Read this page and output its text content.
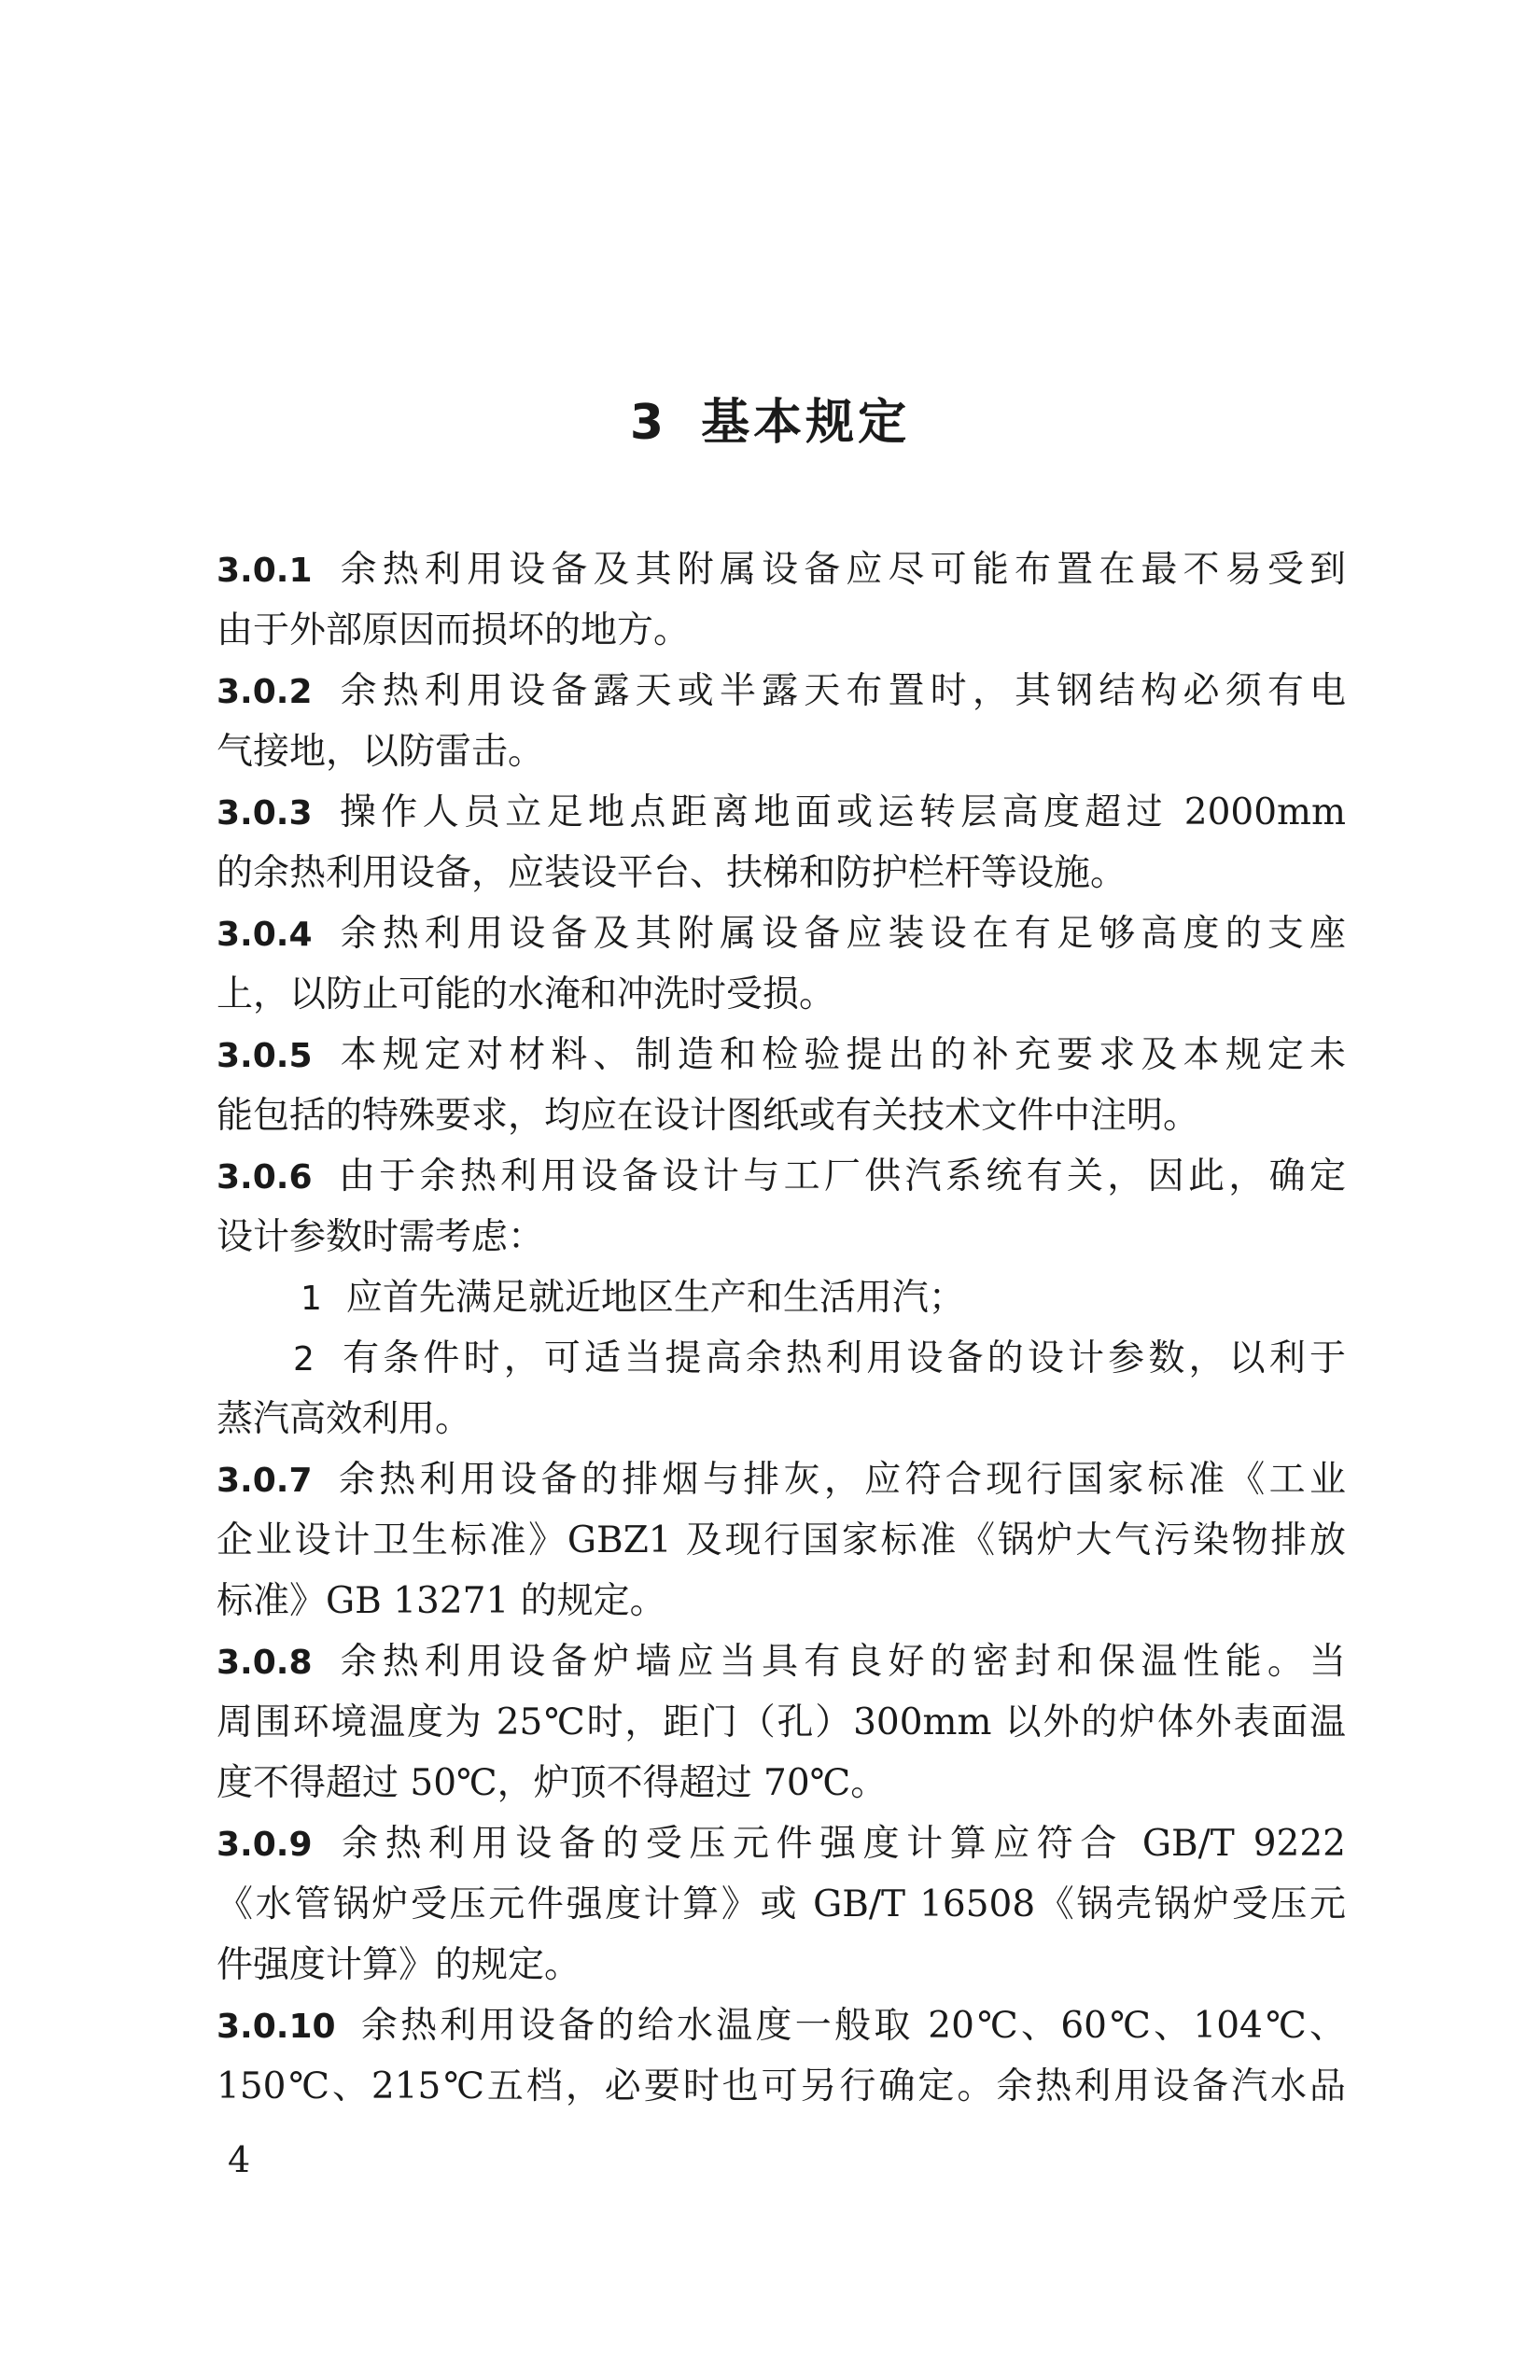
3 基本规定
3.0.1 余热利用设备及其附属设备应尽可能布置在最不易受到
由于外部原因而损坏的地方。
3.0.2 余热利用设备露天或半露天布置时，其钢结构必须有电
气接地，以防雷击。
3.0.3 操作人员立足地点距离地面或运转层高度超过 2000mm
的余热利用设备，应装设平台、扶梯和防护栏杆等设施。
3.0.4 余热利用设备及其附属设备应装设在有足够高度的支座
上，以防止可能的水淹和冲洗时受损。
3.0.5 本规定对材料、制造和检验提出的补充要求及本规定未
能包括的特殊要求，均应在设计图纸或有关技术文件中注明。
3.0.6 由于余热利用设备设计与工厂供汽系统有关，因此，确定
设计参数时需考虑：
1 应首先满足就近地区生产和生活用汽；
2 有条件时，可适当提高余热利用设备的设计参数，以利于
蒸汽高效利用。
3.0.7 余热利用设备的排烟与排灰，应符合现行国家标准《工业
企业设计卫生标准》GBZ1 及现行国家标准《锅炉大气污染物排放
标准》GB 13271 的规定。
3.0.8 余热利用设备炉墙应当具有良好的密封和保温性能。当
周围环境温度为 25℃时，距门（孔）300mm 以外的炉体外表面温
度不得超过 50℃，炉顶不得超过 70℃。
3.0.9 余热利用设备的受压元件强度计算应符合 GB/T 9222
《水管锅炉受压元件强度计算》或 GB/T 16508《锅壳锅炉受压元
件强度计算》的规定。
3.0.10 余热利用设备的给水温度一般取 20℃、60℃、104℃、
150℃、215℃五档，必要时也可另行确定。余热利用设备汽水品
4
